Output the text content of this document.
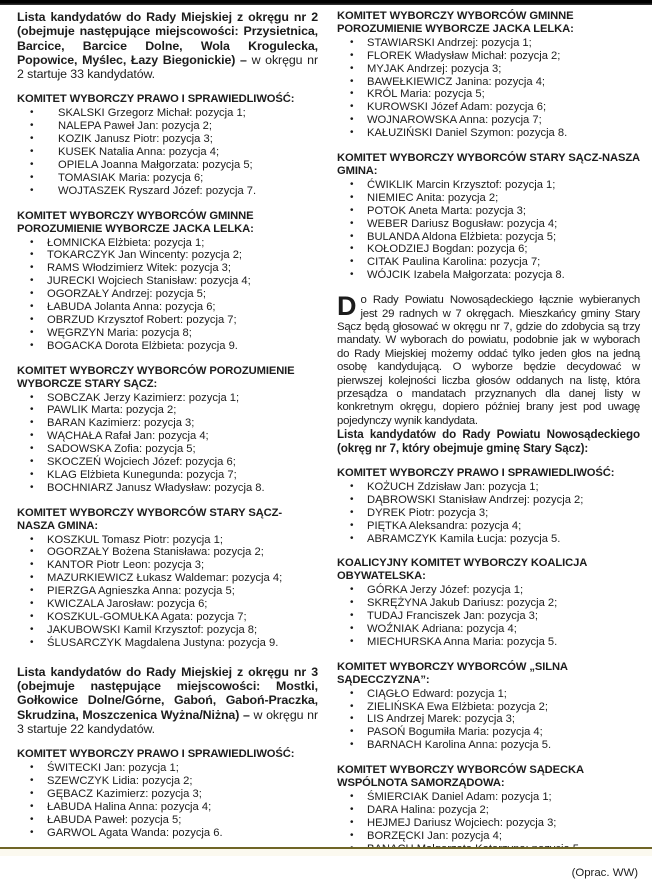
Lista kandydatów do Rady Miejskiej z okręgu nr 2 (obejmuje następujące miejscowości: Przysietnica, Barcice, Barcice Dolne, Wola Krogulecka, Popowice, Myślec, Łazy Biegonickie) – w okręgu nr 2 startuje 33 kandydatów.

KOMITET WYBORCZY PRAWO I SPRAWIEDLIWOŚĆ:
•	SKALSKI Grzegorz Michał: pozycja 1;
•	NALEPA Paweł Jan: pozycja 2;
•	KOZIK Janusz Piotr: pozycja 3;
•	KUSEK Natalia Anna: pozycja 4;
•	OPIELA Joanna Małgorzata: pozycja 5;
•	TOMASIAK Maria: pozycja 6;
•	WOJTASZEK Ryszard Józef: pozycja 7.
KOMITET WYBORCZY WYBORCÓW GMINNE POROZUMIENIE WYBORCZE JACKA LELKA:
•	ŁOMNICKA Elżbieta: pozycja 1;
•	TOKARCZYK Jan Wincenty: pozycja 2;
•	RAMS Włodzimierz Witek: pozycja 3;
•	JURECKI Wojciech Stanisław: pozycja 4;
•	OGORZAŁY Andrzej: pozycja 5;
•	ŁABUDA Jolanta Anna: pozycja 6;
•	OBRZUD Krzysztof Robert: pozycja 7;
•	WĘGRZYN Maria: pozycja 8;
•	BOGACKA Dorota Elżbieta: pozycja 9.
KOMITET WYBORCZY WYBORCÓW POROZUMIENIE WYBORCZE STARY SĄCZ:
•	SOBCZAK Jerzy Kazimierz: pozycja 1;
•	PAWLIK Marta: pozycja 2;
•	BARAN Kazimierz: pozycja 3;
•	WĄCHAŁA Rafał Jan: pozycja 4;
•	SADOWSKA Zofia: pozycja 5;
•	SKOCZEŃ Wojciech Józef: pozycja 6;
•	KLAG Elżbieta Kunegunda: pozycja 7;
•	BOCHNIARZ Janusz Władysław: pozycja 8.
KOMITET WYBORCZY WYBORCÓW STARY SĄCZ-NASZA GMINA:
•	KOSZKUL Tomasz Piotr: pozycja 1;
•	OGORZAŁY Bożena Stanisława: pozycja 2;
•	KANTOR Piotr Leon: pozycja 3;
•	MAZURKIEWICZ Łukasz Waldemar: pozycja 4;
•	PIERZGA Agnieszka Anna: pozycja 5;
•	KWICZALA Jarosław: pozycja 6;
•	KOSZKUL-GOMUŁKA Agata: pozycja 7;
•	JAKUBOWSKI Kamil Krzysztof: pozycja 8;
•	ŚLUSARCZYK Magdalena Justyna: pozycja 9.

Lista kandydatów do Rady Miejskiej z okręgu nr 3 (obejmuje następujące miejscowości: Mostki, Gołkowice Dolne/Górne, Gaboń, Gaboń-Praczka, Skrudzina, Moszczenica Wyżna/Niżna) – w okręgu nr 3 startuje 22 kandydatów.

KOMITET WYBORCZY PRAWO I SPRAWIEDLIWOŚĆ:
•	ŚWITECKI Jan: pozycja 1;
•	SZEWCZYK Lidia: pozycja 2;
•	GĘBACZ Kazimierz: pozycja 3;
•	ŁABUDA Halina Anna: pozycja 4;
•	ŁABUDA Paweł: pozycja 5;
•	GARWOL Agata Wanda: pozycja 6.
KOMITET WYBORCZY WYBORCÓW GMINNE POROZUMIENIE WYBORCZE JACKA LELKA:
•	STAWIARSKI Andrzej: pozycja 1;
•	FLOREK Władysław Michał: pozycja 2;
•	MYJAK Andrzej: pozycja 3;
•	BAWEŁKIEWICZ Janina: pozycja 4;
•	KRÓL Maria: pozycja 5;
•	KUROWSKI Józef Adam: pozycja 6;
•	WOJNAROWSKA Anna: pozycja 7;
•	KAŁUZIŃSKI Daniel Szymon: pozycja 8.
KOMITET WYBORCZY WYBORCÓW STARY SĄCZ-NASZA GMINA:
•	ĆWIKLIK Marcin Krzysztof: pozycja 1;
•	NIEMIEC Anita: pozycja 2;
•	POTOK Aneta Marta: pozycja 3;
•	WEBER Dariusz Bogusław: pozycja 4;
•	BULANDA Aldona Elżbieta: pozycja 5;
•	KOŁODZIEJ Bogdan: pozycja 6;
•	CITAK Paulina Karolina: pozycja 7;
•	WÓJCIK Izabela Małgorzata: pozycja 8.

Do Rady Powiatu Nowosądeckiego łącznie wybieranych jest 29 radnych w 7 okręgach. Mieszkańcy gminy Stary Sącz będą głosować w okręgu nr 7, gdzie do zdobycia są trzy mandaty. W wyborach do powiatu, podobnie jak w wyborach do Rady Miejskiej możemy oddać tylko jeden głos na jedną osobę kandydującą. O wyborze będzie decydować w pierwszej kolejności liczba głosów oddanych na listę, która przesądza o mandatach przyznanych dla danej listy w konkretnym okręgu, dopiero później brany jest pod uwagę pojedynczy wynik kandydata.

Lista kandydatów do Rady Powiatu Nowosądeckiego (okręg nr 7, który obejmuje gminę Stary Sącz):

KOMITET WYBORCZY PRAWO I SPRAWIEDLIWOŚĆ:
•	KOŻUCH Zdzisław Jan: pozycja 1;
•	DĄBROWSKI Stanisław Andrzej: pozycja 2;
•	DYREK Piotr: pozycja 3;
•	PIĘTKA Aleksandra: pozycja 4;
•	ABRAMCZYK Kamila Łucja: pozycja 5.
KOALICYJNY KOMITET WYBORCZY KOALICJA OBYWATELSKA:
•	GÓRKA Jerzy Józef: pozycja 1;
•	SKRĘŻYNA Jakub Dariusz: pozycja 2;
•	TUDAJ Franciszek Jan: pozycja 3;
•	WOŹNIAK Adriana: pozycja 4;
•	MIECHURSKA Anna Maria: pozycja 5.
KOMITET WYBORCZY WYBORCÓW „SILNA SĄDECCZYZNA”:
•	CIĄGŁO Edward: pozycja 1;
•	ZIELIŃSKA Ewa Elżbieta: pozycja 2;
•	LIS Andrzej Marek: pozycja 3;
•	PASOŃ Bogumiła Maria: pozycja 4;
•	BARNACH Karolina Anna: pozycja 5.
KOMITET WYBORCZY WYBORCÓW SĄDECKA WSPÓLNOTA SAMORZĄDOWA:
•	ŚMIERCIAK Daniel Adam: pozycja 1;
•	DARA Halina: pozycja 2;
•	HEJMEJ Dariusz Wojciech: pozycja 3;
•	BORZĘCKI Jan: pozycja 4;

(Oprac. WW)
